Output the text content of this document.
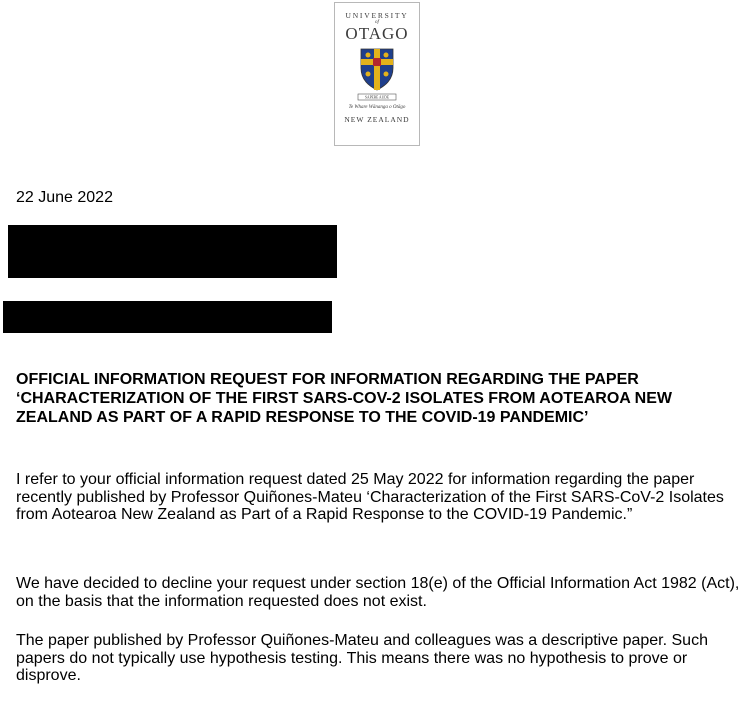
UNIVERSITY
of
OTAGO
SAPERE AUDE
Te Whare Wānanga o Otāgo
NEW ZEALAND
22 June 2022

OFFICIAL INFORMATION REQUEST FOR INFORMATION REGARDING THE PAPER ‘CHARACTERIZATION OF THE FIRST SARS-COV-2 ISOLATES FROM AOTEAROA NEW ZEALAND AS PART OF A RAPID RESPONSE TO THE COVID-19 PANDEMIC’

I refer to your official information request dated 25 May 2022 for information regarding the paper recently published by Professor Quiñones-Mateu ‘Characterization of the First SARS-CoV-2 Isolates from Aotearoa New Zealand as Part of a Rapid Response to the COVID-19 Pandemic.”

We have decided to decline your request under section 18(e) of the Official Information Act 1982 (Act), on the basis that the information requested does not exist.

The paper published by Professor Quiñones-Mateu and colleagues was a descriptive paper. Such papers do not typically use hypothesis testing. This means there was no hypothesis to prove or disprove.
